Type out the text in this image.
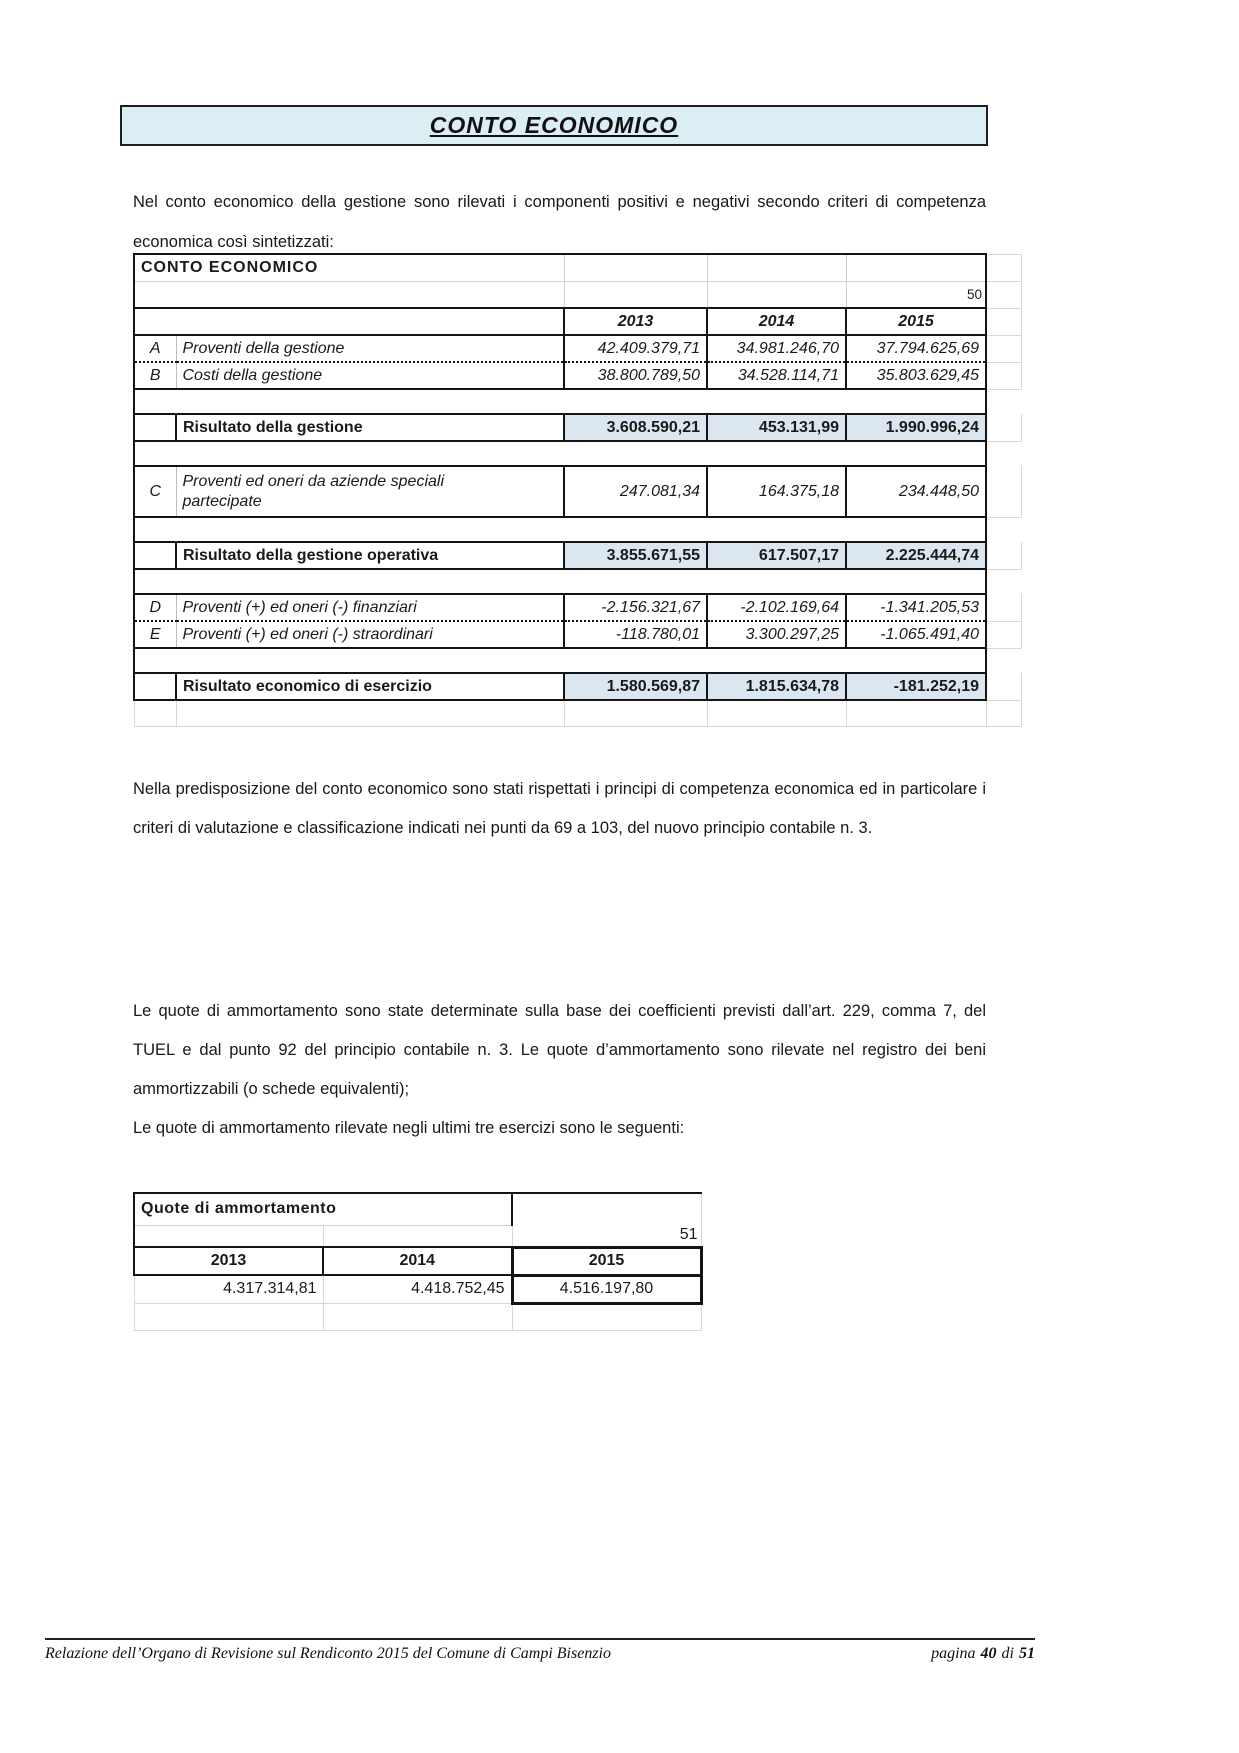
CONTO ECONOMICO
Nel conto economico della gestione sono rilevati i componenti positivi e negativi secondo criteri di competenza economica così sintetizzati:
CONTO ECONOMICO					
				50	
		2013	2014	2015	
A	Proventi della gestione	42.409.379,71	34.981.246,70	37.794.625,69	
B	Costi della gestione	38.800.789,50	34.528.114,71	35.803.629,45	

	Risultato della gestione	3.608.590,21	453.131,99	1.990.996,24	

C	Proventi ed oneri da aziende speciali partecipate	247.081,34	164.375,18	234.448,50	

	Risultato della gestione operativa	3.855.671,55	617.507,17	2.225.444,74	

D	Proventi (+) ed oneri (-) finanziari	-2.156.321,67	-2.102.169,64	-1.341.205,53	
E	Proventi (+) ed oneri (-) straordinari	-118.780,01	3.300.297,25	-1.065.491,40	

	Risultato economico di esercizio	1.580.569,87	1.815.634,78	-181.252,19	

Nella predisposizione del conto economico sono stati rispettati i principi di competenza economica ed in particolare i criteri di valutazione e classificazione indicati nei punti da 69 a 103, del nuovo principio contabile n. 3.

Le quote di ammortamento sono state determinate sulla base dei coefficienti previsti dall’art. 229, comma 7, del TUEL e dal punto 92 del principio contabile n. 3. Le quote d’ammortamento sono rilevate nel registro dei beni ammortizzabili (o schede equivalenti);

Le quote di ammortamento rilevate negli ultimi tre esercizi sono le seguenti:

Quote di ammortamento		
		51
2013	2014	2015
4.317.314,81	4.418.752,45	4.516.197,80

Relazione dell’Organo di Revisione sul Rendiconto 2015 del Comune di Campi Bisenzio	pagina 40 di 51
